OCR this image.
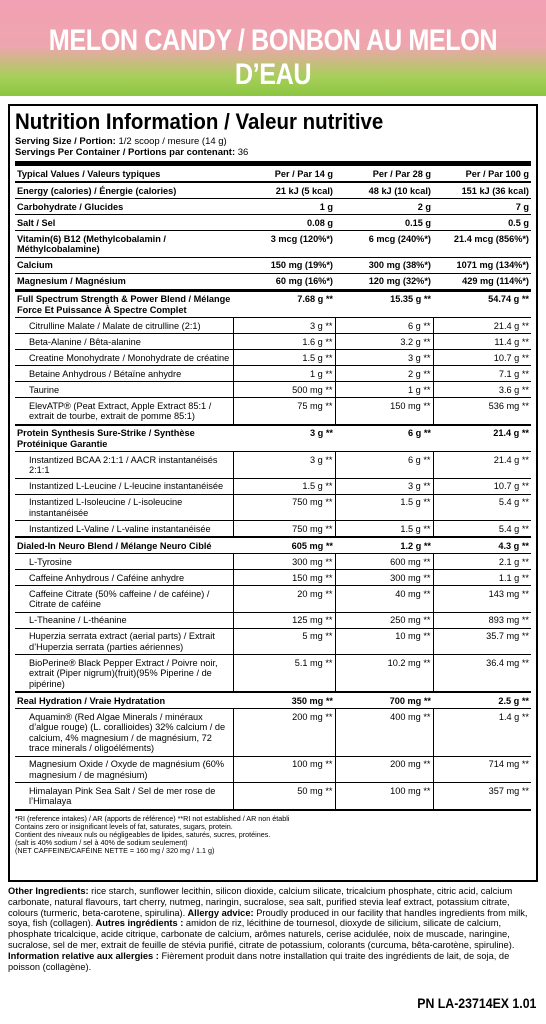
MELON CANDY / BONBON AU MELON D’EAU
Nutrition Information / Valeur nutritive
Serving Size / Portion: 1/2 scoop / mesure (14 g)
Servings Per Container / Portions par contenant: 36
Typical Values / Valeurs typiques	Per / Par 14 g	Per / Par 28 g	Per / Par 100 g
Energy (calories) / Énergie (calories)	21 kJ (5 kcal)	48 kJ (10 kcal)	151 kJ (36 kcal)
Carbohydrate / Glucides	1 g	2 g	7 g
Salt / Sel	0.08 g	0.15 g	0.5 g
Vitamin(6) B12 (Methylcobalamin / Méthylcobalamine)	3 mcg (120%*)	6 mcg (240%*)	21.4 mcg (856%*)
Calcium	150 mg (19%*)	300 mg (38%*)	1071 mg (134%*)
Magnesium / Magnésium	60 mg (16%*)	120 mg (32%*)	429 mg (114%*)
Full Spectrum Strength & Power Blend / Mélange Force Et Puissance À Spectre Complet	7.68 g **	15.35 g **	54.74 g **
Citrulline Malate / Malate de citrulline (2:1)	3 g **	6 g **	21.4 g **
Beta-Alanine / Bêta-alanine	1.6 g **	3.2 g **	11.4 g **
Creatine Monohydrate / Monohydrate de créatine	1.5 g **	3 g **	10.7 g **
Betaine Anhydrous / Bétaïne anhydre	1 g **	2 g **	7.1 g **
Taurine	500 mg **	1 g **	3.6 g **
ElevATP® (Peat Extract, Apple Extract 85:1 / extrait de tourbe, extrait de pomme 85:1)	75 mg **	150 mg **	536 mg **
Protein Synthesis Sure-Strike / Synthèse Protéinique Garantie	3 g **	6 g **	21.4 g **
Instantized BCAA 2:1:1 / AACR instantanéisés 2:1:1	3 g **	6 g **	21.4 g **
Instantized L-Leucine / L-leucine instantanéisée	1.5 g **	3 g **	10.7 g **
Instantized L-Isoleucine / L-isoleucine instantanéisée	750 mg **	1.5 g **	5.4 g **
Instantized L-Valine / L-valine instantanéisée	750 mg **	1.5 g **	5.4 g **
Dialed-In Neuro Blend / Mélange Neuro Ciblé	605 mg **	1.2 g **	4.3 g **
L-Tyrosine	300 mg **	600 mg **	2.1 g **
Caffeine Anhydrous / Caféine anhydre	150 mg **	300 mg **	1.1 g **
Caffeine Citrate (50% caffeine / de caféine) / Citrate de caféine	20 mg **	40 mg **	143 mg **
L-Theanine / L-théanine	125 mg **	250 mg **	893 mg **
Huperzia serrata extract (aerial parts) / Extrait d’Huperzia serrata (parties aériennes)	5 mg **	10 mg **	35.7 mg **
BioPerine® Black Pepper Extract / Poivre noir, extrait (Piper nigrum)(fruit)(95% Piperine / de pipérine)	5.1 mg **	10.2 mg **	36.4 mg **
Real Hydration / Vraie Hydratation	350 mg **	700 mg **	2.5 g **
Aquamin® (Red Algae Minerals / minéraux d’algue rouge) (L. corallioides) 32% calcium / de calcium, 4% magnesium / de magnésium, 72 trace minerals / oligoéléments)	200 mg **	400 mg **	1.4 g **
Magnesium Oxide / Oxyde de magnésium (60% magnesium / de magnésium)	100 mg **	200 mg **	714 mg **
Himalayan Pink Sea Salt / Sel de mer rose de l’Himalaya	50 mg **	100 mg **	357 mg **
*RI (reference intakes) / AR (apports de référence) **RI not established / AR non établi
Contains zero or insignificant levels of fat, saturates, sugars, protein.
Contient des niveaux nuls ou négligeables de lipides, saturés, sucres, protéines.
(salt is 40% sodium / sel à 40% de sodium seulement)
(NET CAFFEINE/CAFÉINE NETTE = 160 mg / 320 mg / 1.1 g)
Other Ingredients: rice starch, sunflower lecithin, silicon dioxide, calcium silicate, tricalcium phosphate, citric acid, calcium carbonate, natural flavours, tart cherry, nutmeg, naringin, sucralose, sea salt, purified stevia leaf extract, potassium citrate, colours (turmeric, beta-carotene, spirulina). Allergy advice: Proudly produced in our facility that handles ingredients from milk, soya, fish (collagen). Autres ingrédients : amidon de riz, lécithine de tournesol, dioxyde de silicium, silicate de calcium, phosphate tricalcique, acide citrique, carbonate de calcium, arômes naturels, cerise acidulée, noix de muscade, naringine, sucralose, sel de mer, extrait de feuille de stévia purifié, citrate de potassium, colorants (curcuma, bêta-carotène, spiruline). Information relative aux allergies : Fièrement produit dans notre installation qui traite des ingrédients de lait, de soja, de poisson (collagène).
PN LA-23714EX 1.01
